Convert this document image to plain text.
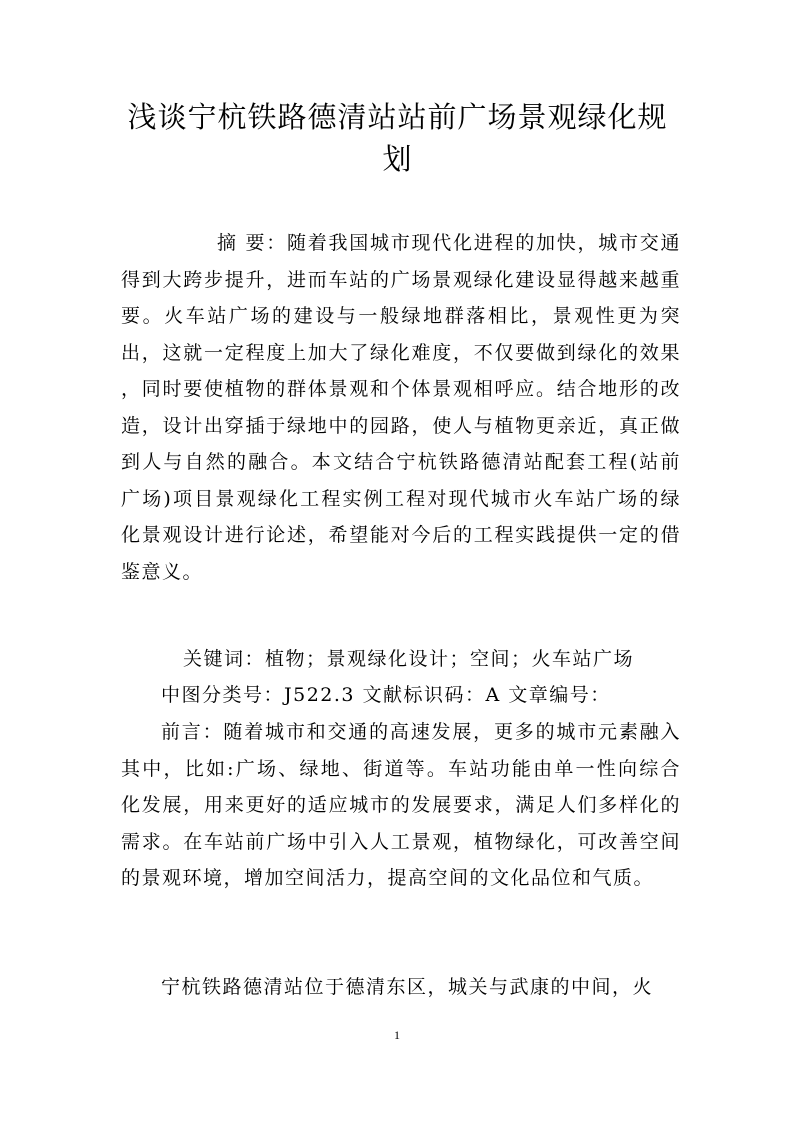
浅谈宁杭铁路德清站站前广场景观绿化规划

摘 要：随着我国城市现代化进程的加快，城市交通得到大跨步提升，进而车站的广场景观绿化建设显得越来越重要。火车站广场的建设与一般绿地群落相比，景观性更为突出，这就一定程度上加大了绿化难度，不仅要做到绿化的效果 ，同时要使植物的群体景观和个体景观相呼应。结合地形的改造，设计出穿插于绿地中的园路，使人与植物更亲近，真正做到人与自然的融合。本文结合宁杭铁路德清站配套工程(站前广场)项目景观绿化工程实例工程对现代城市火车站广场的绿化景观设计进行论述，希望能对今后的工程实践提供一定的借鉴意义。

关键词：植物；景观绿化设计；空间；火车站广场

中图分类号：J522.3 文献标识码：A 文章编号：

前言：随着城市和交通的高速发展，更多的城市元素融入其中，比如:广场、绿地、街道等。车站功能由单一性向综合化发展，用来更好的适应城市的发展要求，满足人们多样化的需求。在车站前广场中引入人工景观，植物绿化，可改善空间的景观环境，增加空间活力，提高空间的文化品位和气质。

宁杭铁路德清站位于德清东区，城关与武康的中间，火

1
